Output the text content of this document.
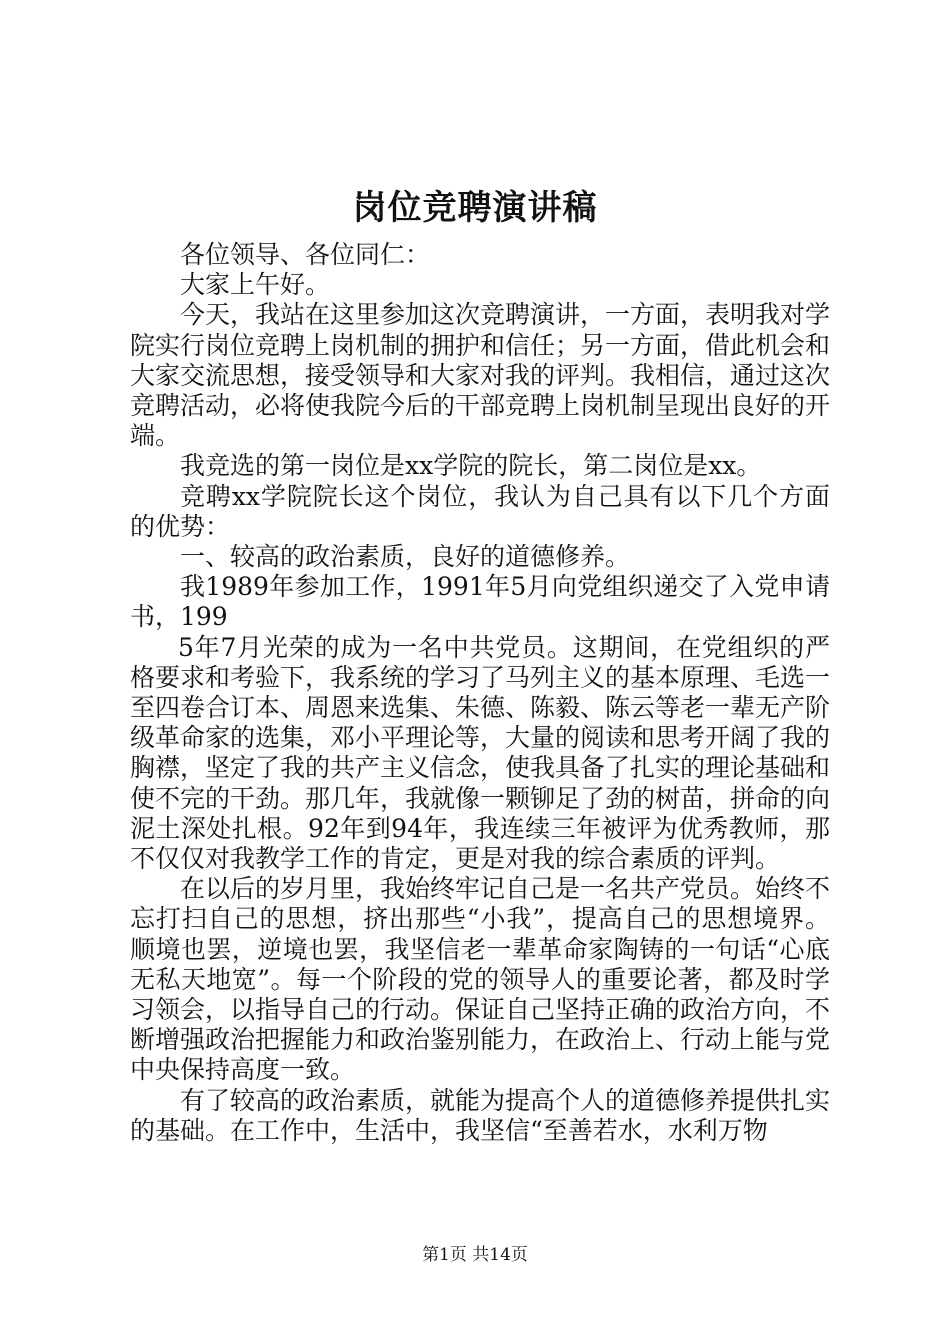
岗位竞聘演讲稿

各位领导、各位同仁：

大家上午好。

今天，我站在这里参加这次竞聘演讲，一方面，表明我对学院实行岗位竞聘上岗机制的拥护和信任；另一方面，借此机会和大家交流思想，接受领导和大家对我的评判。我相信，通过这次竞聘活动，必将使我院今后的干部竞聘上岗机制呈现出良好的开端。

我竞选的第一岗位是xx学院的院长，第二岗位是xx。

竞聘xx学院院长这个岗位，我认为自己具有以下几个方面的优势：

一、较高的政治素质，良好的道德修养。

我1989年参加工作，1991年5月向党组织递交了入党申请书，199

5年7月光荣的成为一名中共党员。这期间，在党组织的严格要求和考验下，我系统的学习了马列主义的基本原理、毛选一至四卷合订本、周恩来选集、朱德、陈毅、陈云等老一辈无产阶级革命家的选集，邓小平理论等，大量的阅读和思考开阔了我的胸襟，坚定了我的共产主义信念，使我具备了扎实的理论基础和使不完的干劲。那几年，我就像一颗铆足了劲的树苗，拼命的向泥土深处扎根。92年到94年，我连续三年被评为优秀教师，那不仅仅对我教学工作的肯定，更是对我的综合素质的评判。

在以后的岁月里，我始终牢记自己是一名共产党员。始终不忘打扫自己的思想，挤出那些“小我”，提高自己的思想境界。顺境也罢，逆境也罢，我坚信老一辈革命家陶铸的一句话“心底无私天地宽”。每一个阶段的党的领导人的重要论著，都及时学习领会，以指导自己的行动。保证自己坚持正确的政治方向，不断增强政治把握能力和政治鉴别能力，在政治上、行动上能与党中央保持高度一致。

有了较高的政治素质，就能为提高个人的道德修养提供扎实的基础。在工作中，生活中，我坚信“至善若水，水利万物

第1页 共14页
